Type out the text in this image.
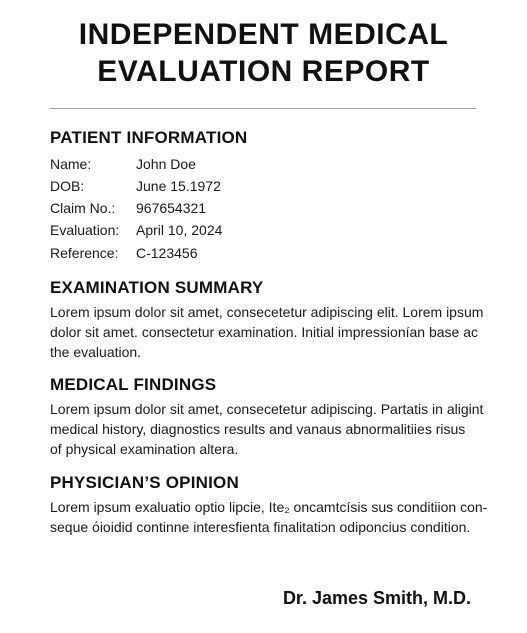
INDEPENDENT MEDICAL
EVALUATION REPORT
PATIENT INFORMATION
Name:	John Doe
DOB:	June 15.1972
Claim No.: 967654321
Evaluation: April 10, 2024
Reference: C-123456
EXAMINATION SUMMARY
Lorem ipsum dolor sit amet, consecetetur adipiscing elit. Lorem ipsum
dolor sit amet. consectetur examination. Initial impressionían base ac
the evaluation.
MEDICAL FINDINGS
Lorem ipsum dolor sit amet, consecetetur adipiscing. Partatis in aligint
medical history, diagnostics results and vanaus abnormalitiies risus
of physical examination altera.
PHYSICIAN’S OPINION
Lorem ipsum exaluatio optio lipcie, Ite₂ oncamtcísis sus conditiion con-
seque όioidid continne interesfienta finalitatiɔn odiponcius condition.
Dr. James Smith, M.D.
